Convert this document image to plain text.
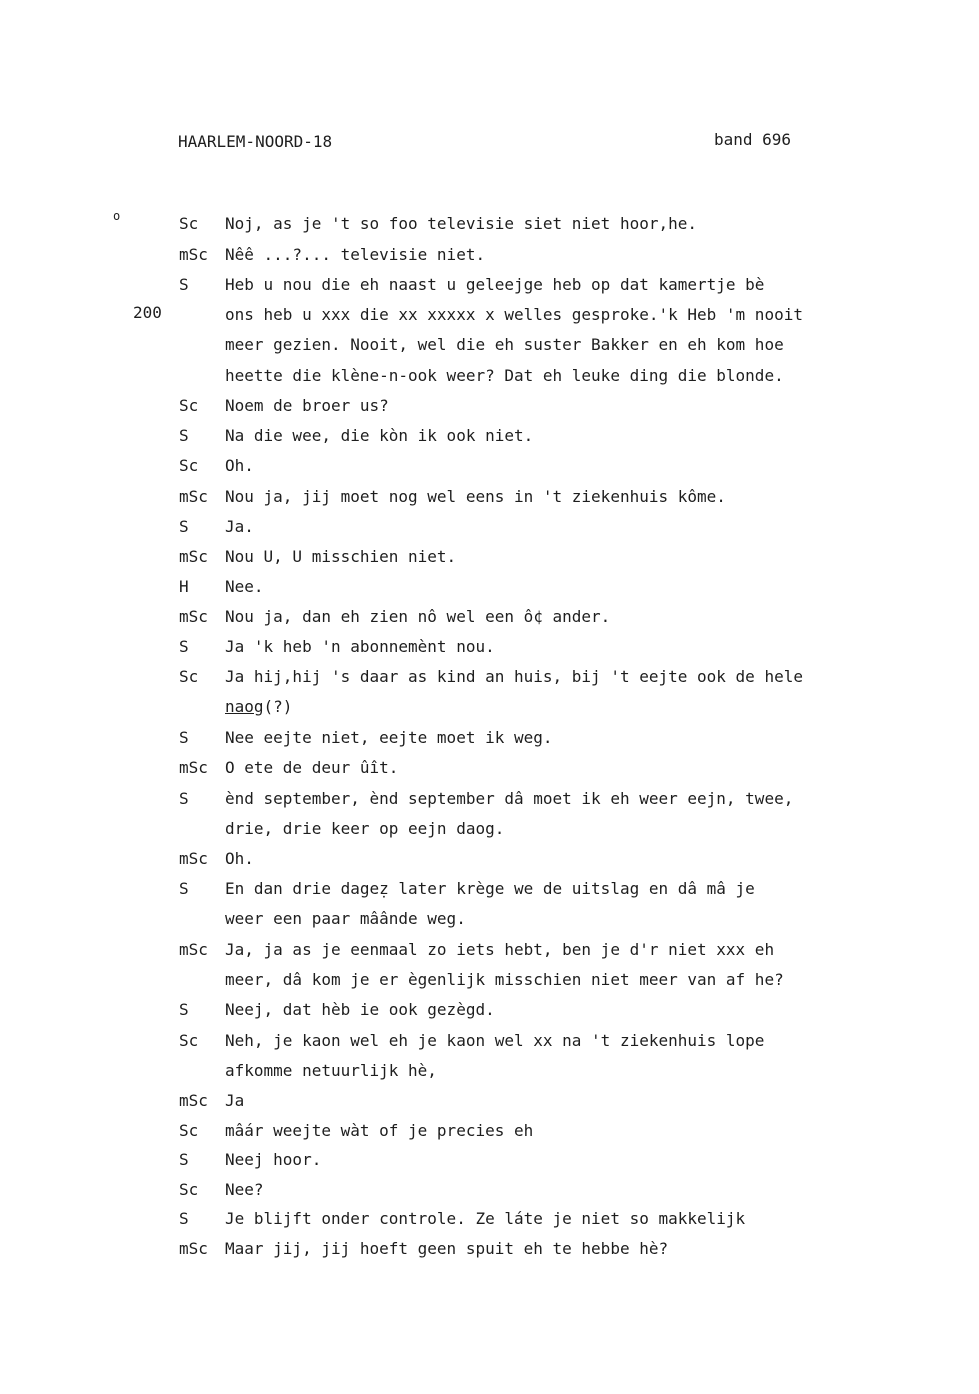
HAARLEM-NOORD-18	band 696
o
200
Sc Noj, as je 't so foo televisie siet niet hoor,he.
mSc Nêê ...?... televisie niet.
S Heb u nou die eh naast u geleejge heb op dat kamertje bè
ons heb u xxx die xx xxxxx x welles gesproke.'k Heb 'm nooit
meer gezien. Nooit, wel die eh suster Bakker en eh kom hoe
heette die klène-n-ook weer? Dat eh leuke ding die blonde.
Sc Noem de broer us?
S Na die wee, die kòn ik ook niet.
Sc Oh.
mSc Nou ja, jij moet nog wel eens in 't ziekenhuis kôme.
S Ja.
mSc Nou U, U misschien niet.
H Nee.
mSc Nou ja, dan eh zien nô wel een ô¢ ander.
S Ja 'k heb 'n abonnemènt nou.
Sc Ja hij,hij 's daar as kind an huis, bij 't eejte ook de hele
naog(?)
S Nee eejte niet, eejte moet ik weg.
mSc O ete de deur ûît.
S ènd september, ènd september dâ moet ik eh weer eejn, twee,
drie, drie keer op eejn daog.
mSc Oh.
S En dan drie dageẓ later krège we de uitslag en dâ mâ je
weer een paar mâânde weg.
mSc Ja, ja as je eenmaal zo iets hebt, ben je d'r niet xxx eh
meer, dâ kom je er ègenlijk misschien niet meer van af he?
S Neej, dat hèb ie ook gezègd.
Sc Neh, je kaon wel eh je kaon wel xx na 't ziekenhuis lope
afkomme netuurlijk hè,
mSc Ja
Sc mâár weejte wàt of je precies eh
S Neej hoor.
Sc Nee?
S Je blijft onder controle. Ze láte je niet so makkelijk
mSc Maar jij, jij hoeft geen spuit eh te hebbe hè?
